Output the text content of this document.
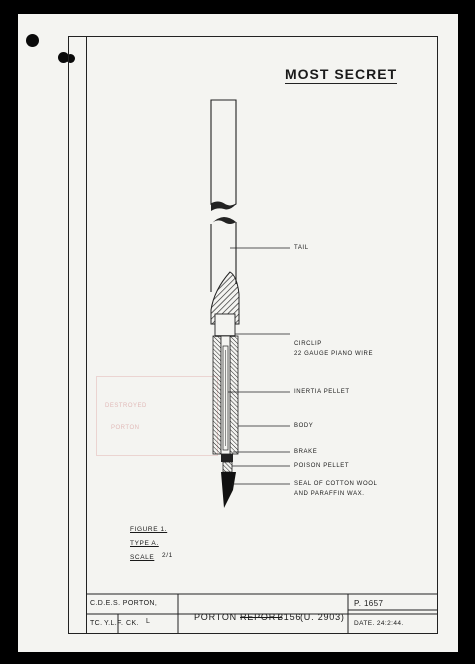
DESTROYED
PORTON
MOST SECRET
TAIL
CIRCLIP
22 GAUGE PIANO WIRE
INERTIA PELLET
BODY
BRAKE
POISON PELLET
SEAL OF COTTON WOOL
AND PARAFFIN WAX.
FIGURE 1.
TYPE A.
SCALE 2/1
C.D.E.S. PORTON,
TC. Y.L.F. CK. L	PORTON REPORT
3156
(U. 2903)
P. 1657
DATE. 24:2:44.
